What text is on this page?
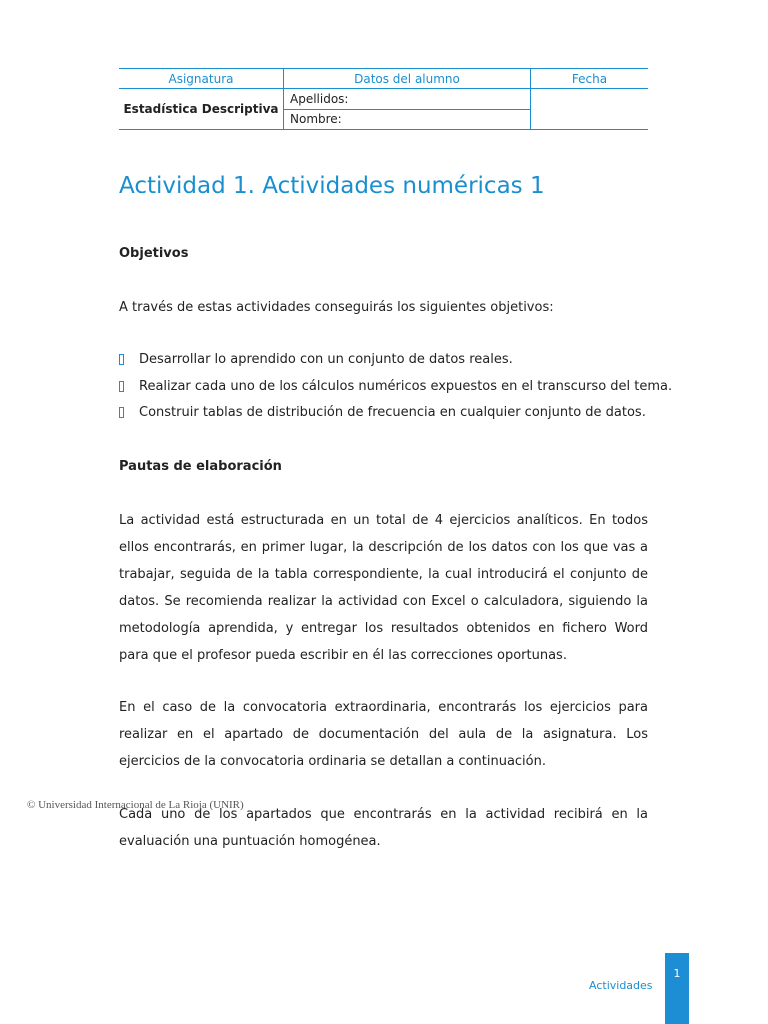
Asignatura	Datos del alumno	Fecha
Estadística Descriptiva	Apellidos:	
	Nombre:	
Actividad 1. Actividades numéricas 1
Objetivos

A través de estas actividades conseguirás los siguientes objetivos:

Desarrollar lo aprendido con un conjunto de datos reales.
Realizar cada uno de los cálculos numéricos expuestos en el transcurso del tema.
Construir tablas de distribución de frecuencia en cualquier conjunto de datos.
Pautas de elaboración

La actividad está estructurada en un total de 4 ejercicios analíticos. En todos ellos encontrarás, en primer lugar, la descripción de los datos con los que vas a trabajar, seguida de la tabla correspondiente, la cual introducirá el conjunto de datos. Se recomienda realizar la actividad con Excel o calculadora, siguiendo la metodología aprendida, y entregar los resultados obtenidos en fichero Word para que el profesor pueda escribir en él las correcciones oportunas.

En el caso de la convocatoria extraordinaria, encontrarás los ejercicios para realizar en el apartado de documentación del aula de la asignatura. Los ejercicios de la convocatoria ordinaria se detallan a continuación.

Cada uno de los apartados que encontrarás en la actividad recibirá en la evaluación una puntuación homogénea.

© Universidad Internacional de La Rioja (UNIR)
Actividades
1
